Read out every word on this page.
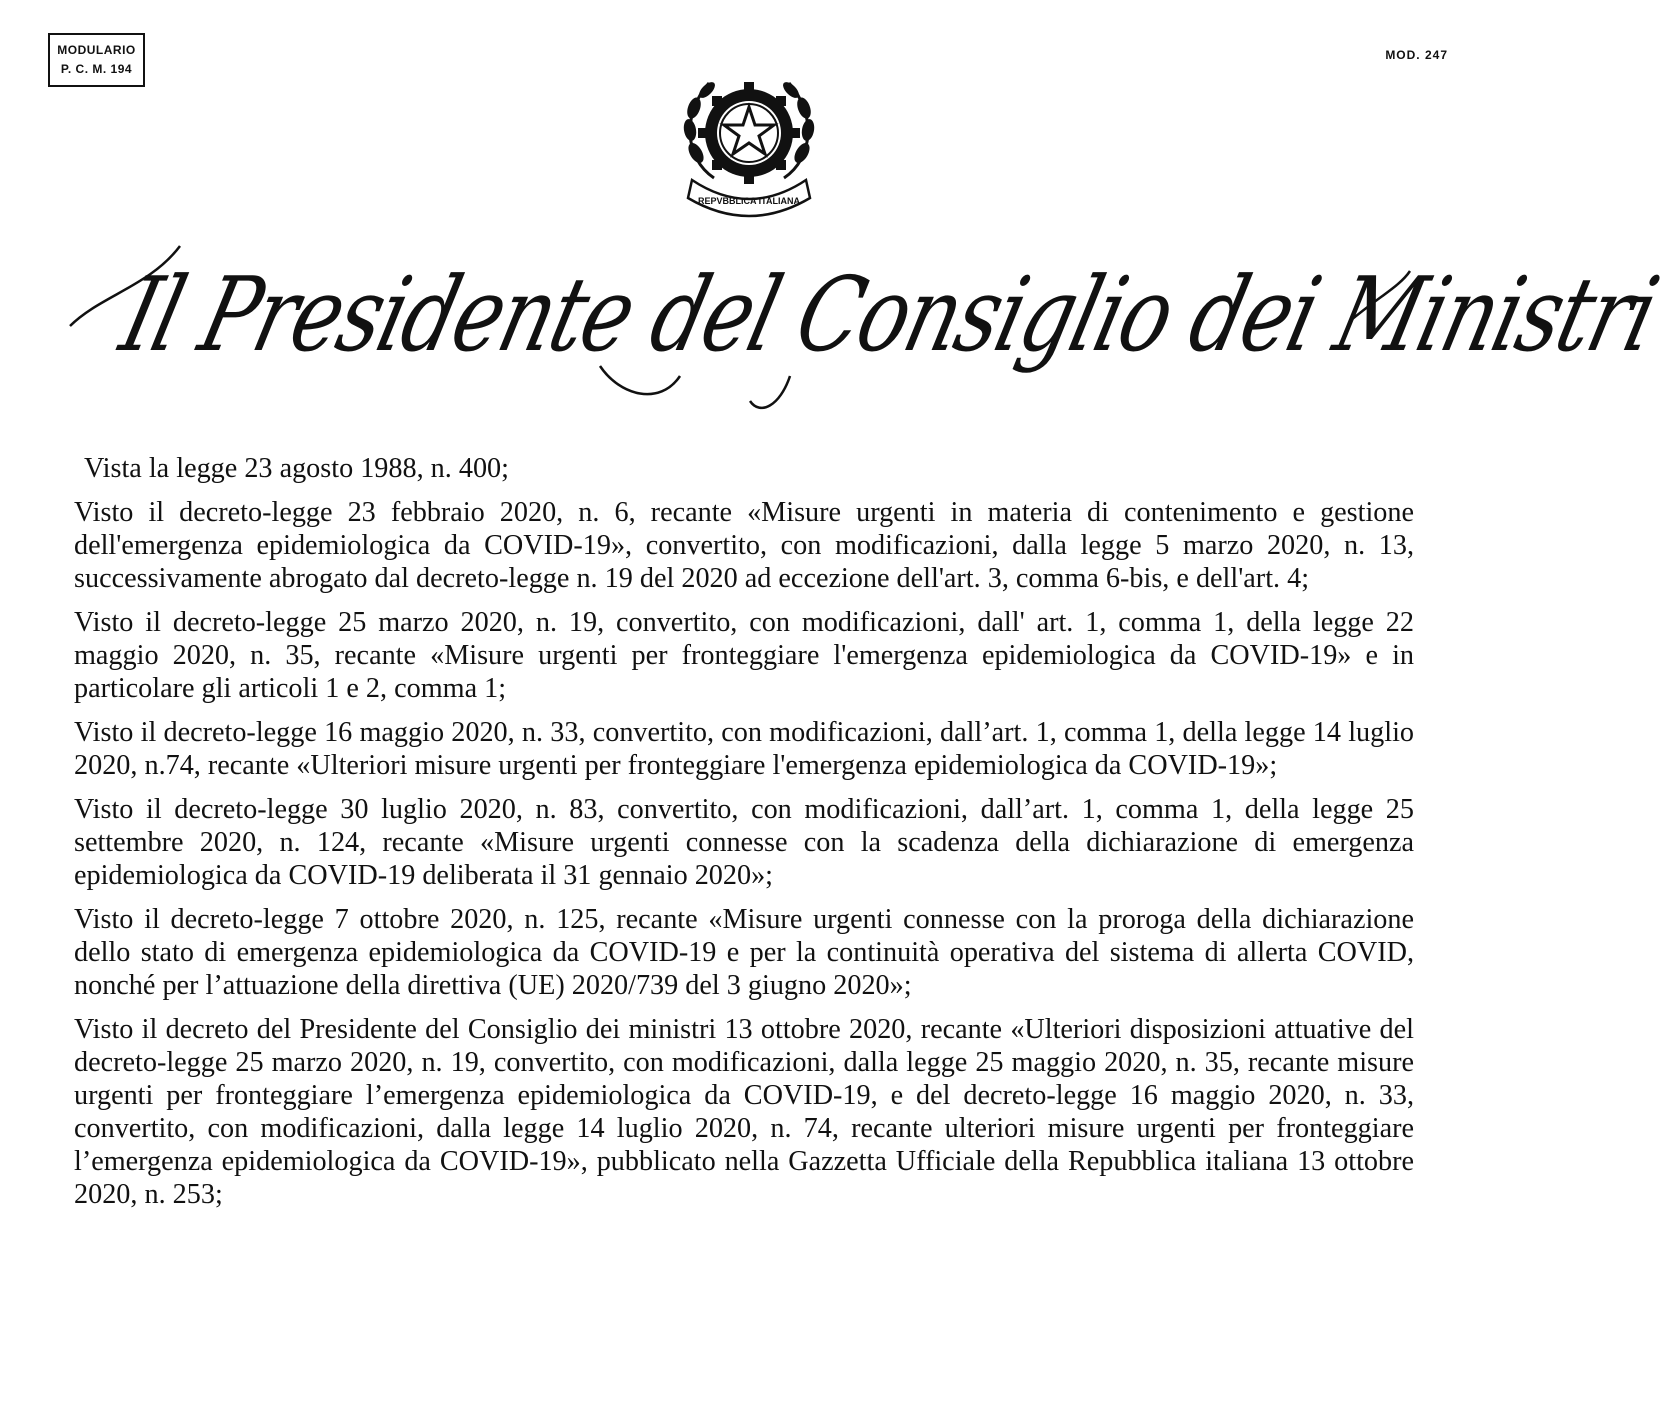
MODULARIO
P. C. M. 194
MOD. 247
REPVBBLICA ITALIANA
Il Presidente del Consiglio dei Ministri

Vista la legge 23 agosto 1988, n. 400;

Visto il decreto-legge 23 febbraio 2020, n. 6, recante «Misure urgenti in materia di contenimento e gestione dell'emergenza epidemiologica da COVID-19», convertito, con modificazioni, dalla legge 5 marzo 2020, n. 13, successivamente abrogato dal decreto-legge n. 19 del 2020 ad eccezione dell'art. 3, comma 6-bis, e dell'art. 4;

Visto il decreto-legge 25 marzo 2020, n. 19, convertito, con modificazioni, dall' art. 1, comma 1, della legge 22 maggio 2020, n. 35, recante «Misure urgenti per fronteggiare l'emergenza epidemiologica da COVID-19» e in particolare gli articoli 1 e 2, comma 1;

Visto il decreto-legge 16 maggio 2020, n. 33, convertito, con modificazioni, dall’art. 1, comma 1, della legge 14 luglio 2020, n.74, recante «Ulteriori misure urgenti per fronteggiare l'emergenza epidemiologica da COVID-19»;

Visto il decreto-legge 30 luglio 2020, n. 83, convertito, con modificazioni, dall’art. 1, comma 1, della legge 25 settembre 2020, n. 124, recante «Misure urgenti connesse con la scadenza della dichiarazione di emergenza epidemiologica da COVID-19 deliberata il 31 gennaio 2020»;

Visto il decreto-legge 7 ottobre 2020, n. 125, recante «Misure urgenti connesse con la proroga della dichiarazione dello stato di emergenza epidemiologica da COVID-19 e per la continuità operativa del sistema di allerta COVID, nonché per l’attuazione della direttiva (UE) 2020/739 del 3 giugno 2020»;

Visto il decreto del Presidente del Consiglio dei ministri 13 ottobre 2020, recante «Ulteriori disposizioni attuative del decreto-legge 25 marzo 2020, n. 19, convertito, con modificazioni, dalla legge 25 maggio 2020, n. 35, recante misure urgenti per fronteggiare l’emergenza epidemiologica da COVID-19, e del decreto-legge 16 maggio 2020, n. 33, convertito, con modificazioni, dalla legge 14 luglio 2020, n. 74, recante ulteriori misure urgenti per fronteggiare l’emergenza epidemiologica da COVID-19», pubblicato nella Gazzetta Ufficiale della Repubblica italiana 13 ottobre 2020, n. 253;
